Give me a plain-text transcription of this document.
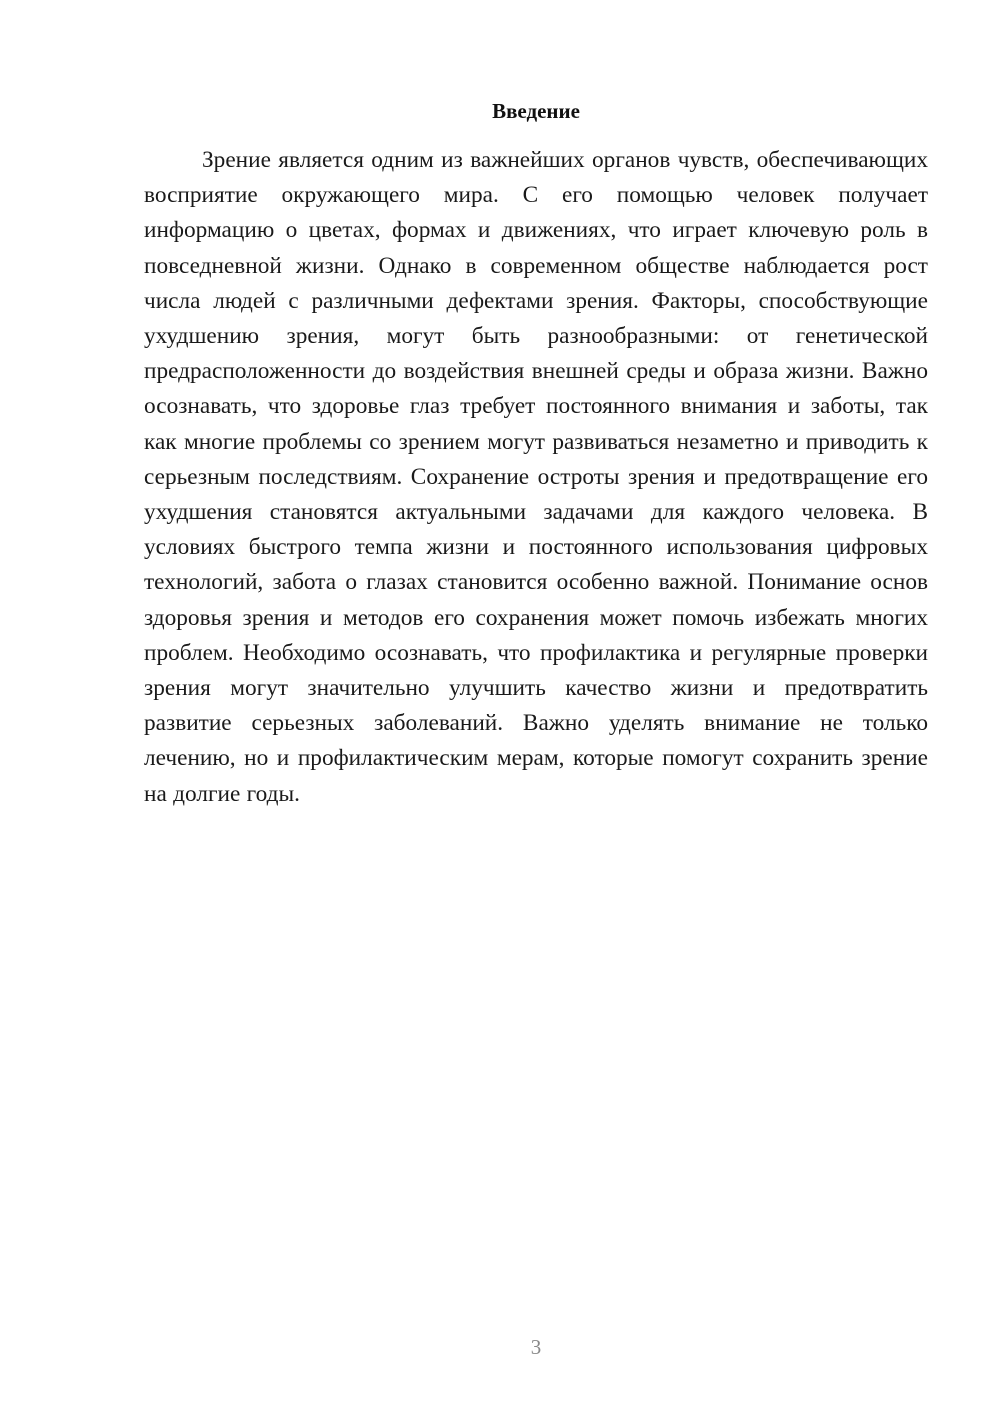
Введение

Зрение является одним из важнейших органов чувств, обеспечивающих восприятие окружающего мира. С его помощью человек получает информацию о цветах, формах и движениях, что играет ключевую роль в повседневной жизни. Однако в современном обществе наблюдается рост числа людей с различными дефектами зрения. Факторы, способствующие ухудшению зрения, могут быть разнообразными: от генетической предрасположенности до воздействия внешней среды и образа жизни. Важно осознавать, что здоровье глаз требует постоянного внимания и заботы, так как многие проблемы со зрением могут развиваться незаметно и приводить к серьезным последствиям. Сохранение остроты зрения и предотвращение его ухудшения становятся актуальными задачами для каждого человека. В условиях быстрого темпа жизни и постоянного использования цифровых технологий, забота о глазах становится особенно важной. Понимание основ здоровья зрения и методов его сохранения может помочь избежать многих проблем. Необходимо осознавать, что профилактика и регулярные проверки зрения могут значительно улучшить качество жизни и предотвратить развитие серьезных заболеваний. Важно уделять внимание не только лечению, но и профилактическим мерам, которые помогут сохранить зрение на долгие годы.

3
